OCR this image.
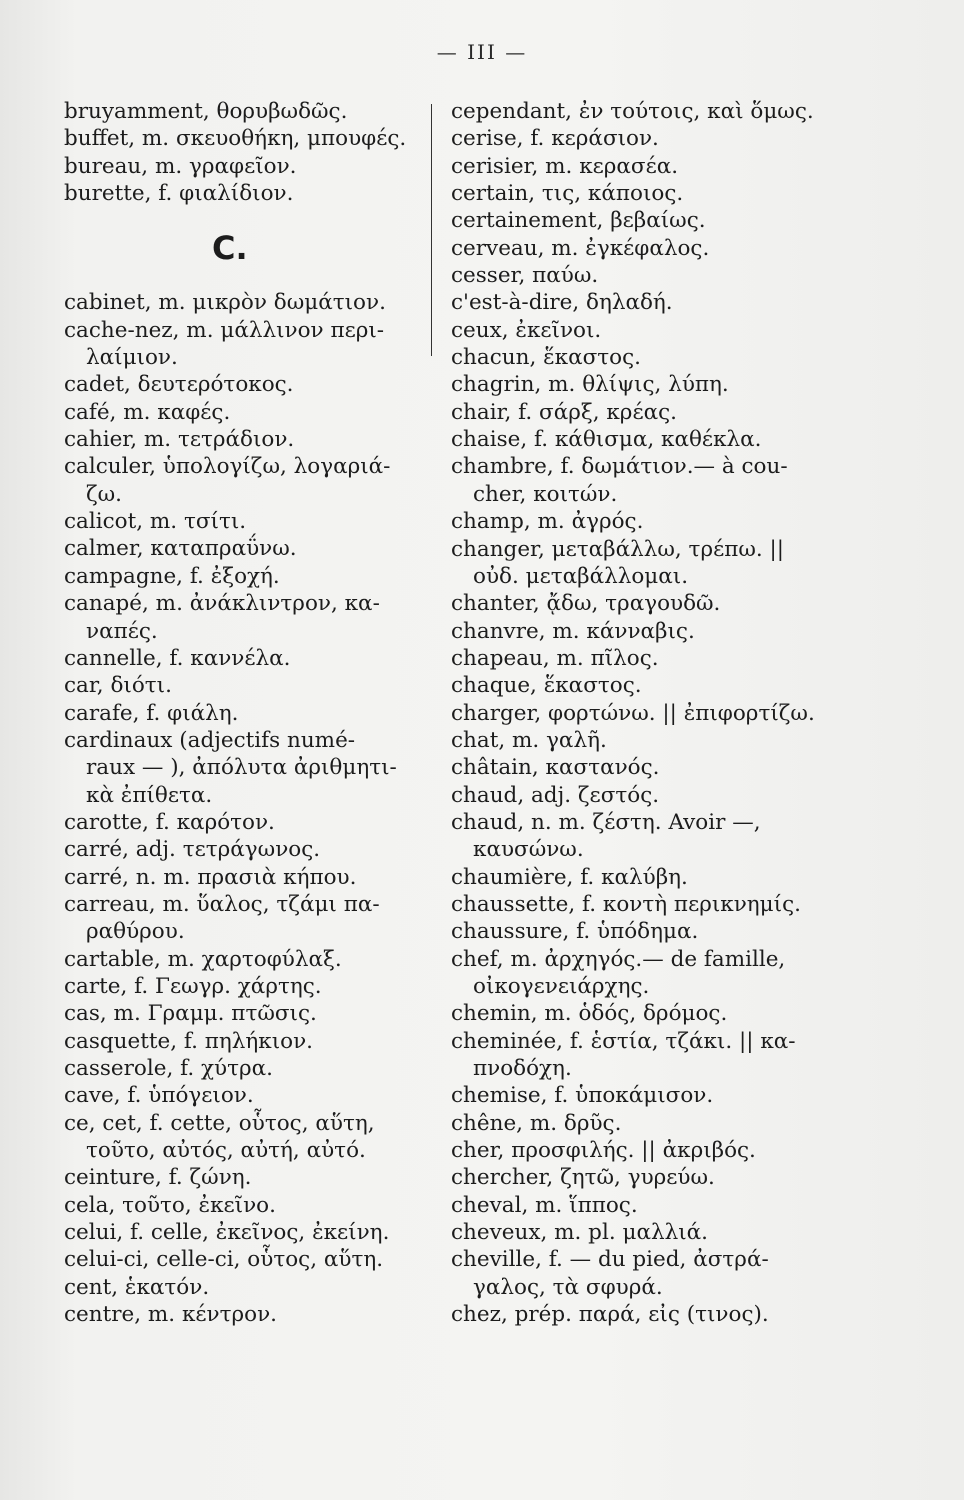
— III —
bruyamment, θορυβωδῶς.
buffet, m. σκευοθήκη, μπουφές.
bureau, m. γραφεῖον.
burette, f. φιαλίδιον.
C.
cabinet, m. μικρὸν δωμάτιον.
cache-nez, m. μάλλινον περι-
λαίμιον.
cadet, δευτερότοκος.
café, m. καφές.
cahier, m. τετράδιον.
calculer, ὑπολογίζω, λογαριά-
ζω.
calicot, m. τσίτι.
calmer, καταπραΰνω.
campagne, f. ἐξοχή.
canapé, m. ἀνάκλιντρον, κα-
ναπές.
cannelle, f. καννέλα.
car, διότι.
carafe, f. φιάλη.
cardinaux (adjectifs numé-
raux — ), ἀπόλυτα ἀριθμητι-
κὰ ἐπίθετα.
carotte, f. καρότον.
carré, adj. τετράγωνος.
carré, n. m. πρασιὰ κήπου.
carreau, m. ὕαλος, τζάμι πα-
ραθύρου.
cartable, m. χαρτοφύλαξ.
carte, f. Γεωγρ. χάρτης.
cas, m. Γραμμ. πτῶσις.
casquette, f. πηλήκιον.
casserole, f. χύτρα.
cave, f. ὑπόγειον.
ce, cet, f. cette, οὗτος, αὕτη,
τοῦτο, αὐτός, αὐτή, αὐτό.
ceinture, f. ζώνη.
cela, τοῦτο, ἐκεῖνο.
celui, f. celle, ἐκεῖνος, ἐκείνη.
celui-ci, celle-ci, οὗτος, αὕτη.
cent, ἑκατόν.
centre, m. κέντρον.
cependant, ἐν τούτοις, καὶ ὅμως.
cerise, f. κεράσιον.
cerisier, m. κερασέα.
certain, τις, κάποιος.
certainement, βεβαίως.
cerveau, m. ἐγκέφαλος.
cesser, παύω.
c'est-à-dire, δηλαδή.
ceux, ἐκεῖνοι.
chacun, ἕκαστος.
chagrin, m. θλίψις, λύπη.
chair, f. σάρξ, κρέας.
chaise, f. κάθισμα, καθέκλα.
chambre, f. δωμάτιον.— à cou-
cher, κοιτών.
champ, m. ἀγρός.
changer, μεταβάλλω, τρέπω. ||
οὐδ. μεταβάλλομαι.
chanter, ᾄδω, τραγουδῶ.
chanvre, m. κάνναβις.
chapeau, m. πῖλος.
chaque, ἕκαστος.
charger, φορτώνω. || ἐπιφορτίζω.
chat, m. γαλῆ.
châtain, καστανός.
chaud, adj. ζεστός.
chaud, n. m. ζέστη. Avoir —,
καυσώνω.
chaumière, f. καλύβη.
chaussette, f. κοντὴ περικνημίς.
chaussure, f. ὑπόδημα.
chef, m. ἀρχηγός.— de famille,
οἰκογενειάρχης.
chemin, m. ὁδός, δρόμος.
cheminée, f. ἑστία, τζάκι. || κα-
πνοδόχη.
chemise, f. ὑποκάμισον.
chêne, m. δρῦς.
cher, προσφιλής. || ἀκριβός.
chercher, ζητῶ, γυρεύω.
cheval, m. ἵππος.
cheveux, m. pl. μαλλιά.
cheville, f. — du pied, ἀστρά-
γαλος, τὰ σφυρά.
chez, prép. παρά, εἰς (τινος).
